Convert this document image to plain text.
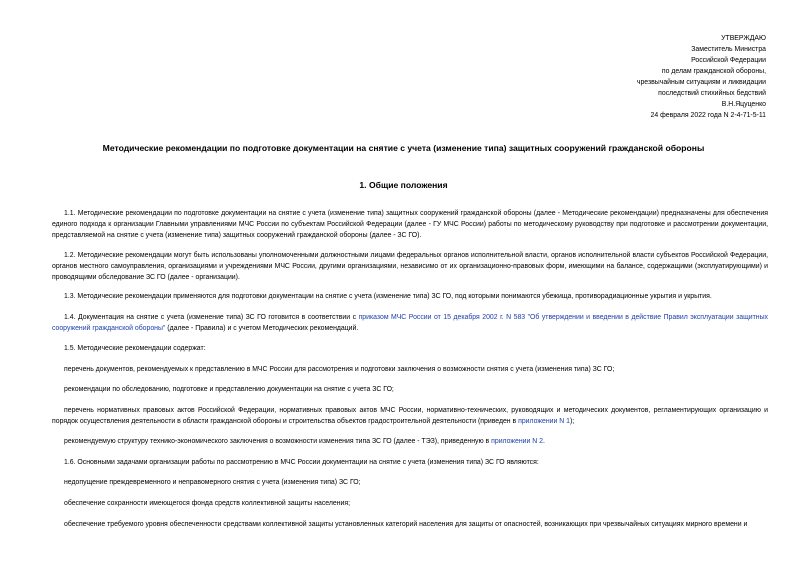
УТВЕРЖДАЮ
Заместитель Министра
Российской Федерации
по делам гражданской обороны,
чрезвычайным ситуациям и ликвидации
последствий стихийных бедствий
В.Н.Яцуценко
24 февраля 2022 года N 2-4-71-5-11
Методические рекомендации по подготовке документации на снятие с учета (изменение типа) защитных сооружений гражданской обороны
1. Общие положения

1.1. Методические рекомендации по подготовке документации на снятие с учета (изменение типа) защитных сооружений гражданской обороны (далее - Методические рекомендации) предназначены для обеспечения единого подхода к организации Главными управлениями МЧС России по субъектам Российской Федерации (далее - ГУ МЧС России) работы по методическому руководству при подготовке и рассмотрении документации, представляемой на снятие с учета (изменение типа) защитных сооружений гражданской обороны (далее - ЗС ГО).

1.2. Методические рекомендации могут быть использованы уполномоченными должностными лицами федеральных органов исполнительной власти, органов исполнительной власти субъектов Российской Федерации, органов местного самоуправления, организациями и учреждениями МЧС России, другими организациями, независимо от их организационно-правовых форм, имеющими на балансе, содержащими (эксплуатирующими) и проводящими обследование ЗС ГО (далее - организации).

1.3. Методические рекомендации применяются для подготовки документации на снятие с учета (изменение типа) ЗС ГО, под которыми понимаются убежища, противорадиационные укрытия и укрытия.

1.4. Документация на снятие с учета (изменение типа) ЗС ГО готовится в соответствии с приказом МЧС России от 15 декабря 2002 г. N 583 "Об утверждении и введении в действие Правил эксплуатации защитных сооружений гражданской обороны" (далее - Правила) и с учетом Методических рекомендаций.

1.5. Методические рекомендации содержат:

перечень документов, рекомендуемых к представлению в МЧС России для рассмотрения и подготовки заключения о возможности снятия с учета (изменения типа) ЗС ГО;

рекомендации по обследованию, подготовке и представлению документации на снятие с учета ЗС ГО;

перечень нормативных правовых актов Российской Федерации, нормативных правовых актов МЧС России, нормативно-технических, руководящих и методических документов, регламентирующих организацию и порядок осуществления деятельности в области гражданской обороны и строительства объектов градостроительной деятельности (приведен в приложении N 1);

рекомендуемую структуру технико-экономического заключения о возможности изменения типа ЗС ГО (далее - ТЭЗ), приведенную в приложении N 2.

1.6. Основными задачами организации работы по рассмотрению в МЧС России документации на снятие с учета (изменения типа) ЗС ГО являются:

недопущение преждевременного и неправомерного снятия с учета (изменения типа) ЗС ГО;

обеспечение сохранности имеющегося фонда средств коллективной защиты населения;

обеспечение требуемого уровня обеспеченности средствами коллективной защиты установленных категорий населения для защиты от опасностей, возникающих при чрезвычайных ситуациях мирного времени и
